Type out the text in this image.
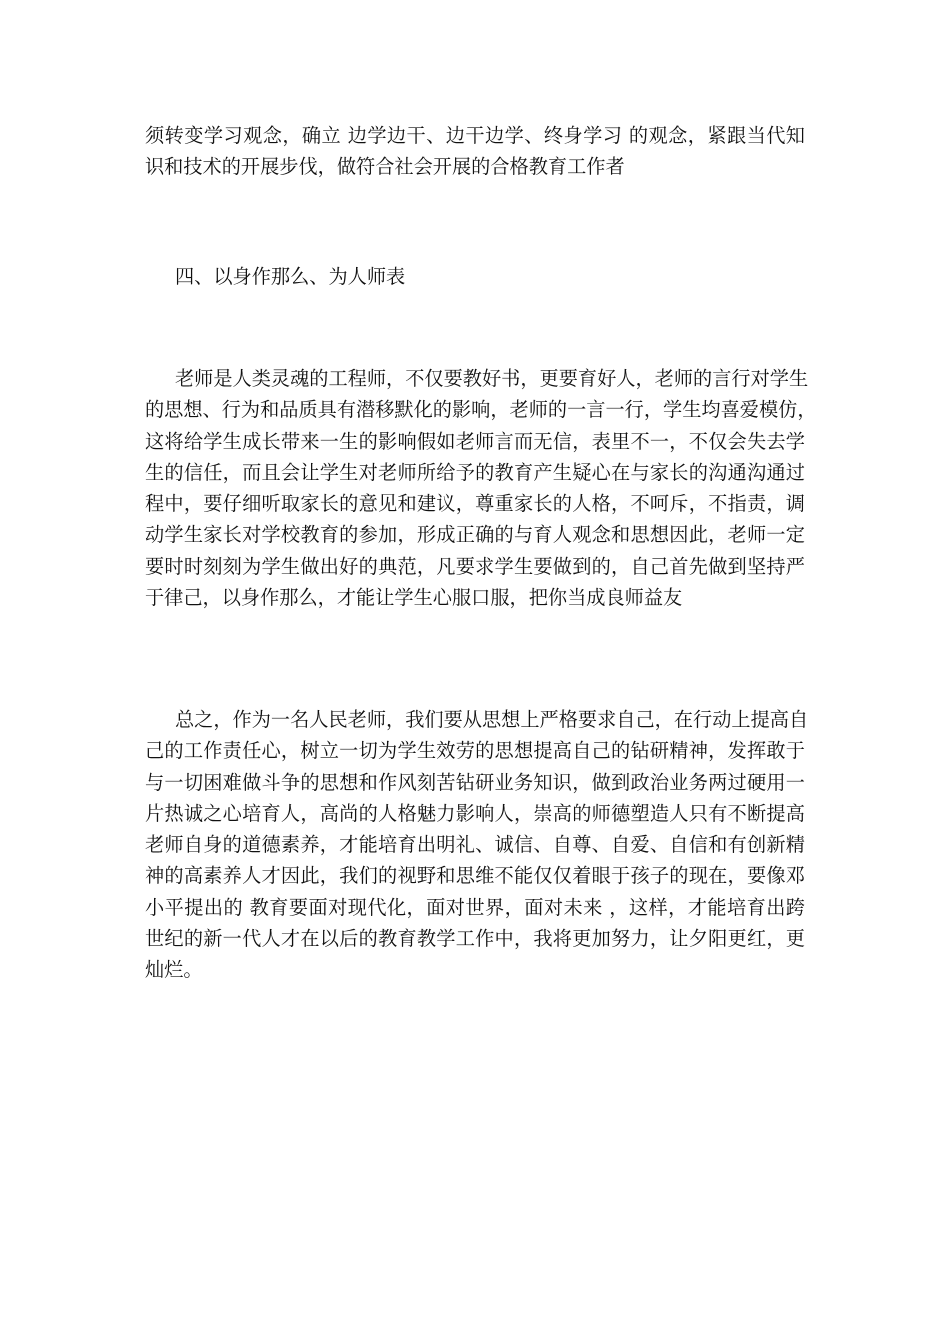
须转变学习观念，确立 边学边干、边干边学、终身学习 的观念，紧跟当代知
识和技术的开展步伐，做符合社会开展的合格教育工作者

四、以身作那么、为人师表

老师是人类灵魂的工程师，不仅要教好书，更要育好人，老师的言行对学生
的思想、行为和品质具有潜移默化的影响，老师的一言一行，学生均喜爱模仿，
这将给学生成长带来一生的影响假如老师言而无信，表里不一，不仅会失去学
生的信任，而且会让学生对老师所给予的教育产生疑心在与家长的沟通沟通过
程中，要仔细听取家长的意见和建议，尊重家长的人格，不呵斥，不指责，调
动学生家长对学校教育的参加，形成正确的与育人观念和思想因此，老师一定
要时时刻刻为学生做出好的典范，凡要求学生要做到的，自己首先做到坚持严
于律己，以身作那么，才能让学生心服口服，把你当成良师益友

总之，作为一名人民老师，我们要从思想上严格要求自己，在行动上提高自
己的工作责任心，树立一切为学生效劳的思想提高自己的钻研精神，发挥敢于
与一切困难做斗争的思想和作风刻苦钻研业务知识，做到政治业务两过硬用一
片热诚之心培育人，高尚的人格魅力影响人，崇高的师德塑造人只有不断提高
老师自身的道德素养，才能培育出明礼、诚信、自尊、自爱、自信和有创新精
神的高素养人才因此，我们的视野和思维不能仅仅着眼于孩子的现在，要像邓
小平提出的 教育要面对现代化，面对世界，面对未来 ，这样，才能培育出跨
世纪的新一代人才在以后的教育教学工作中，我将更加努力，让夕阳更红，更
灿烂。
